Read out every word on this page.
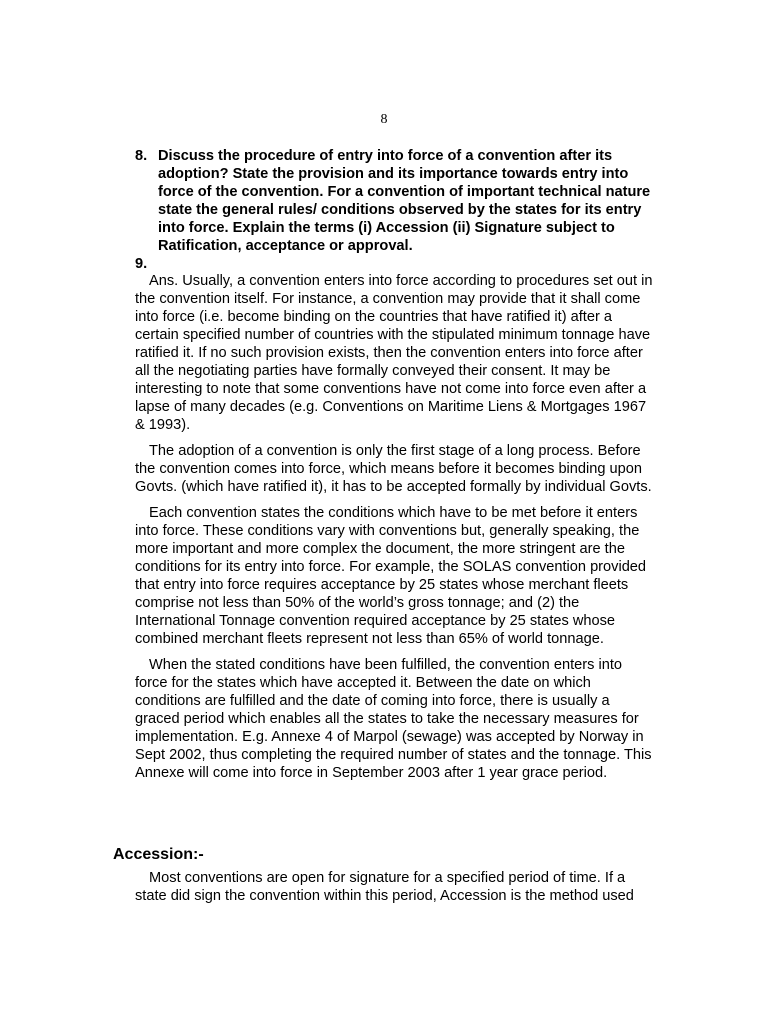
8
8. Discuss the procedure of entry into force of a convention after its adoption? State the provision and its importance towards entry into force of the convention. For a convention of important technical nature state the general rules/ conditions observed by the states for its entry into force. Explain the terms (i) Accession (ii) Signature subject to Ratification, acceptance or approval.
9.

Ans. Usually, a convention enters into force according to procedures set out in the convention itself. For instance, a convention may provide that it shall come into force (i.e. become binding on the countries that have ratified it) after a certain specified number of countries with the stipulated minimum tonnage have ratified it. If no such provision exists, then the convention enters into force after all the negotiating parties have formally conveyed their consent. It may be interesting to note that some conventions have not come into force even after a lapse of many decades (e.g. Conventions on Maritime Liens & Mortgages 1967 & 1993).

The adoption of a convention is only the first stage of a long process. Before the convention comes into force, which means before it becomes binding upon Govts. (which have ratified it), it has to be accepted formally by individual Govts.

Each convention states the conditions which have to be met before it enters into force. These conditions vary with conventions but, generally speaking, the more important and more complex the document, the more stringent are the conditions for its entry into force. For example, the SOLAS convention provided that entry into force requires acceptance by 25 states whose merchant fleets comprise not less than 50% of the world’s gross tonnage; and (2) the International Tonnage convention required acceptance by 25 states whose combined merchant fleets represent not less than 65% of world tonnage.

When the stated conditions have been fulfilled, the convention enters into force for the states which have accepted it. Between the date on which conditions are fulfilled and the date of coming into force, there is usually a graced period which enables all the states to take the necessary measures for implementation. E.g. Annexe 4 of Marpol (sewage) was accepted by Norway in Sept 2002, thus completing the required number of states and the tonnage. This Annexe will come into force in September 2003 after 1 year grace period.

Accession:-

Most conventions are open for signature for a specified period of time. If a state did sign the convention within this period, Accession is the method used
